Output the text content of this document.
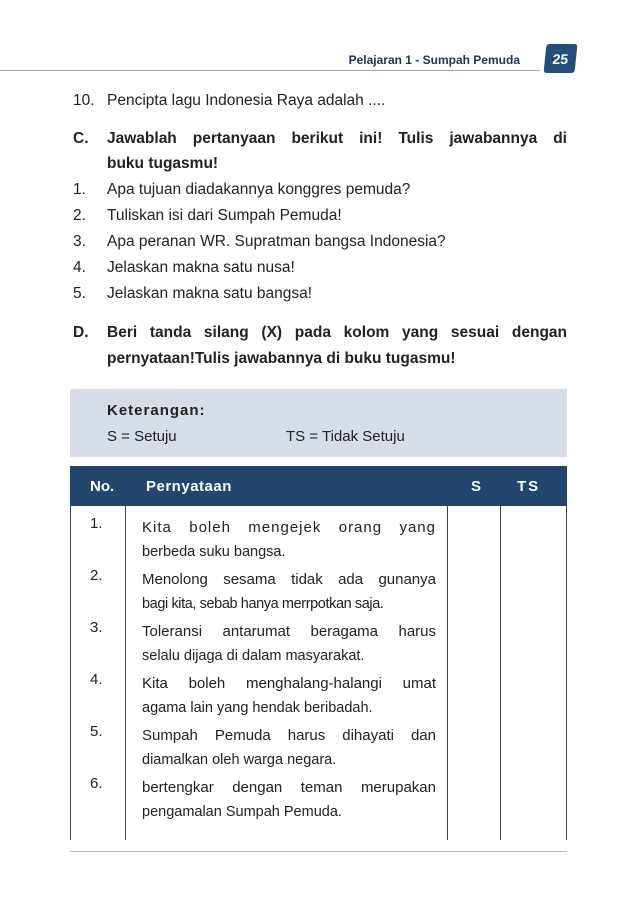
Pelajaran 1 - Sumpah Pemuda	25
10. Pencipta lagu Indonesia Raya adalah ....
C. Jawablah pertanyaan berikut ini! Tulis jawabannya di
buku tugasmu!
1. Apa tujuan diadakannya konggres pemuda?
2. Tuliskan isi dari Sumpah Pemuda!
3. Apa peranan WR. Supratman bangsa Indonesia?
4. Jelaskan makna satu nusa!
5. Jelaskan makna satu bangsa!
D. Beri tanda silang (X) pada kolom yang sesuai dengan
pernyataan!Tulis jawabannya di buku tugasmu!
Keterangan:
S = Setuju	TS = Tidak Setuju
No. Pernyataan	S TS
1.	Kita boleh mengejek orang yang
berbeda suku bangsa.
2.	Menolong sesama tidak ada gunanya
bagi kita, sebab hanya merrpotkan saja.
3.	Toleransi antarumat beragama harus
selalu dijaga di dalam masyarakat.
4.	Kita boleh menghalang-halangi umat
agama lain yang hendak beribadah.
5.	Sumpah Pemuda harus dihayati dan
diamalkan oleh warga negara.
6.	bertengkar dengan teman merupakan
pengamalan Sumpah Pemuda.
